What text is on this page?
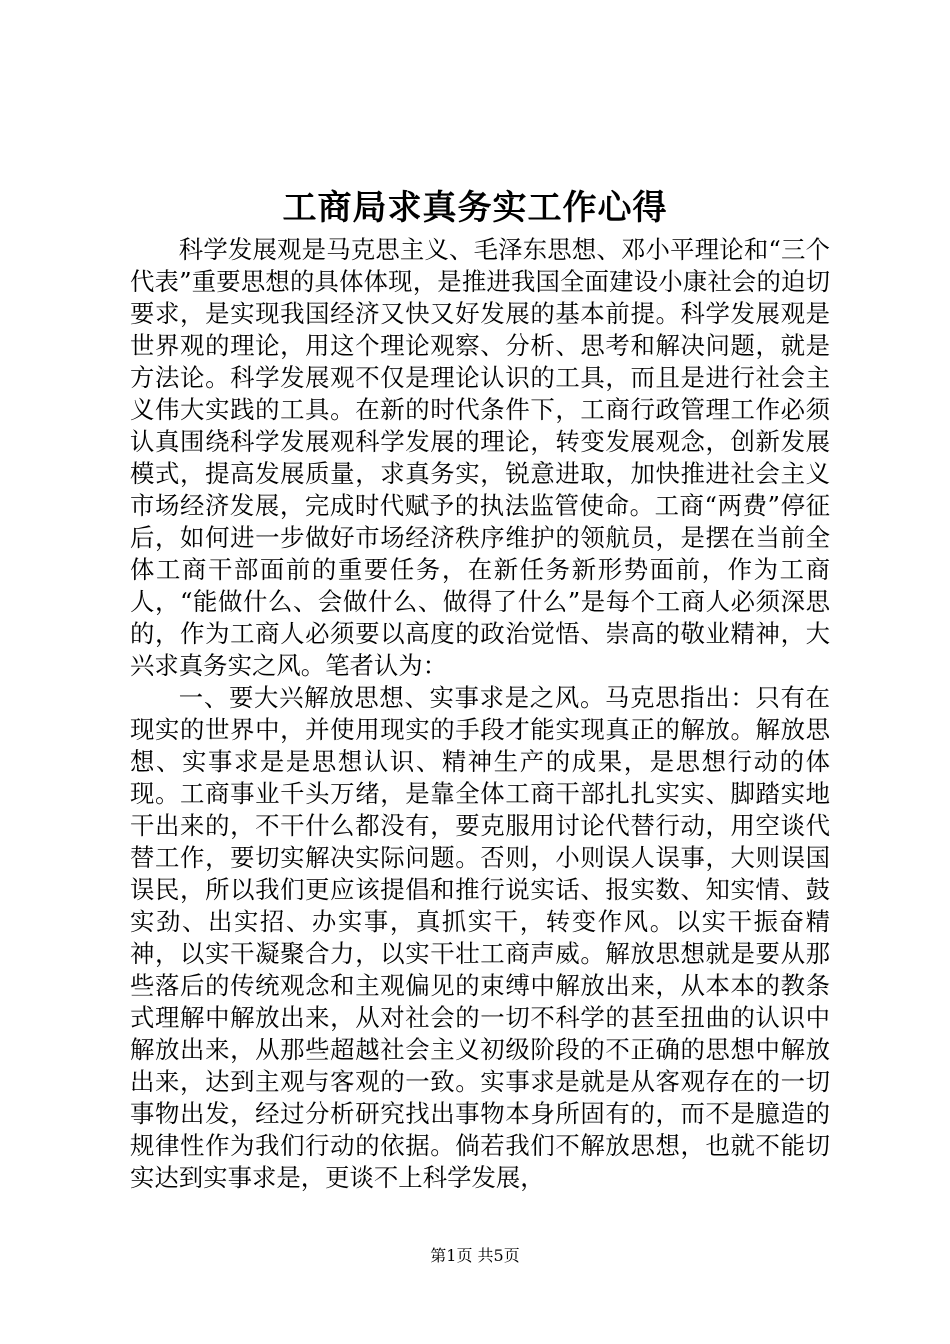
工商局求真务实工作心得

科学发展观是马克思主义、毛泽东思想、邓小平理论和“三个代表”重要思想的具体体现，是推进我国全面建设小康社会的迫切要求，是实现我国经济又快又好发展的基本前提。科学发展观是世界观的理论，用这个理论观察、分析、思考和解决问题，就是方法论。科学发展观不仅是理论认识的工具，而且是进行社会主义伟大实践的工具。在新的时代条件下，工商行政管理工作必须认真围绕科学发展观科学发展的理论，转变发展观念，创新发展模式，提高发展质量，求真务实，锐意进取，加快推进社会主义市场经济发展，完成时代赋予的执法监管使命。工商“两费”停征后，如何进一步做好市场经济秩序维护的领航员，是摆在当前全体工商干部面前的重要任务，在新任务新形势面前，作为工商人，“能做什么、会做什么、做得了什么”是每个工商人必须深思的，作为工商人必须要以高度的政治觉悟、崇高的敬业精神，大兴求真务实之风。笔者认为：

一、要大兴解放思想、实事求是之风。马克思指出：只有在现实的世界中，并使用现实的手段才能实现真正的解放。解放思想、实事求是是思想认识、精神生产的成果，是思想行动的体现。工商事业千头万绪，是靠全体工商干部扎扎实实、脚踏实地干出来的，不干什么都没有，要克服用讨论代替行动，用空谈代替工作，要切实解决实际问题。否则，小则误人误事，大则误国误民，所以我们更应该提倡和推行说实话、报实数、知实情、鼓实劲、出实招、办实事，真抓实干，转变作风。以实干振奋精神，以实干凝聚合力，以实干壮工商声威。解放思想就是要从那些落后的传统观念和主观偏见的束缚中解放出来，从本本的教条式理解中解放出来，从对社会的一切不科学的甚至扭曲的认识中解放出来，从那些超越社会主义初级阶段的不正确的思想中解放出来，达到主观与客观的一致。实事求是就是从客观存在的一切事物出发，经过分析研究找出事物本身所固有的，而不是臆造的规律性作为我们行动的依据。倘若我们不解放思想，也就不能切实达到实事求是，更谈不上科学发展，

第1页 共5页
